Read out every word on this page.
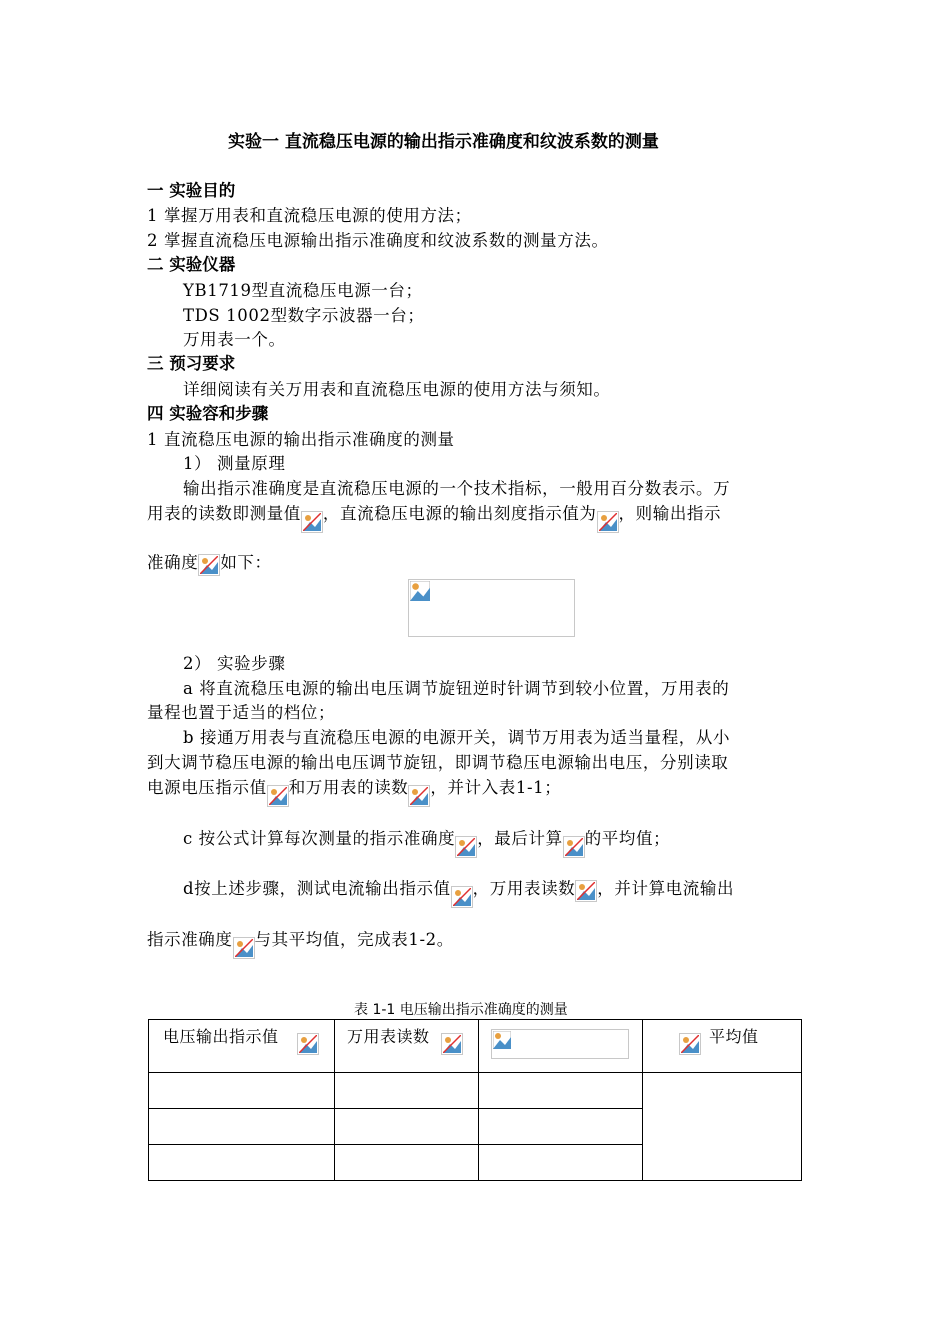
实验一 直流稳压电源的输出指示准确度和纹波系数的测量
一 实验目的
1 掌握万用表和直流稳压电源的使用方法；
2 掌握直流稳压电源输出指示准确度和纹波系数的测量方法。
二 实验仪器
YB1719型直流稳压电源一台；
TDS 1002型数字示波器一台；
万用表一个。
三 预习要求
详细阅读有关万用表和直流稳压电源的使用方法与须知。
四 实验容和步骤
1 直流稳压电源的输出指示准确度的测量
1） 测量原理
输出指示准确度是直流稳压电源的一个技术指标，一般用百分数表示。万
用表的读数即测量值 ，直流稳压电源的输出刻度指示值为 ，则输出指示
准确度 如下：
2） 实验步骤
a 将直流稳压电源的输出电压调节旋钮逆时针调节到较小位置，万用表的
量程也置于适当的档位；
b 接通万用表与直流稳压电源的电源开关，调节万用表为适当量程，从小
到大调节稳压电源的输出电压调节旋钮，即调节稳压电源输出电压，分别读取
电源电压指示值 和万用表的读数 ，并计入表1-1；
c 按公式计算每次测量的指示准确度 ，最后计算 的平均值；
d按上述步骤，测试电流输出指示值 ，万用表读数 ，并计算电流输出
指示准确度 与其平均值，完成表1-2。
表 1-1 电压输出指示准确度的测量
电压输出指示值	万用表读数		平均值
